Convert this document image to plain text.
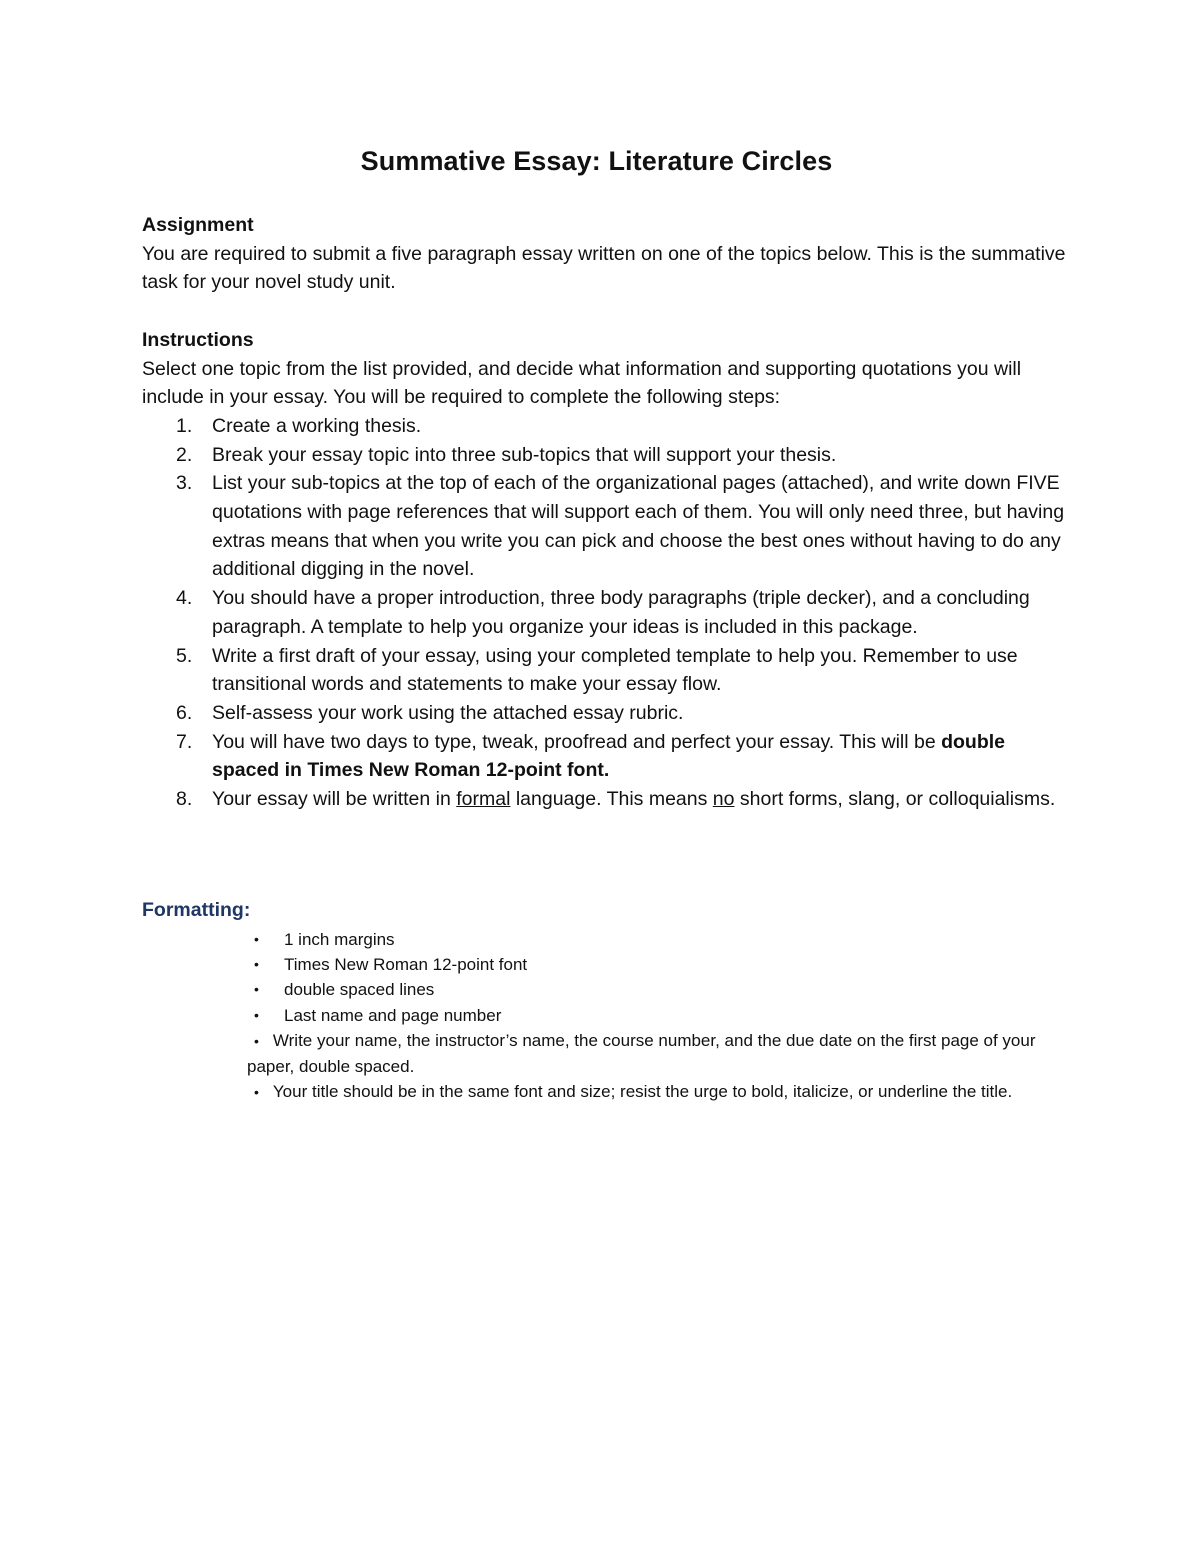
Summative Essay: Literature Circles

Assignment

You are required to submit a five paragraph essay written on one of the topics below. This is the summative task for your novel study unit.

Instructions

Select one topic from the list provided, and decide what information and supporting quotations you will include in your essay. You will be required to complete the following steps:

1. Create a working thesis.
2. Break your essay topic into three sub-topics that will support your thesis.
3. List your sub-topics at the top of each of the organizational pages (attached), and write down FIVE quotations with page references that will support each of them. You will only need three, but having extras means that when you write you can pick and choose the best ones without having to do any additional digging in the novel.
4. You should have a proper introduction, three body paragraphs (triple decker), and a concluding paragraph. A template to help you organize your ideas is included in this package.
5. Write a first draft of your essay, using your completed template to help you. Remember to use transitional words and statements to make your essay flow.
6. Self-assess your work using the attached essay rubric.
7. You will have two days to type, tweak, proofread and perfect your essay. This will be double spaced in Times New Roman 12-point font.
8. Your essay will be written in formal language. This means no short forms, slang, or colloquialisms.
Formatting:
• 1 inch margins
• Times New Roman 12-point font
• double spaced lines
• Last name and page number
• Write your name, the instructor’s name, the course number, and the due date on the first page of your paper, double spaced.
• Your title should be in the same font and size; resist the urge to bold, italicize, or underline the title.
